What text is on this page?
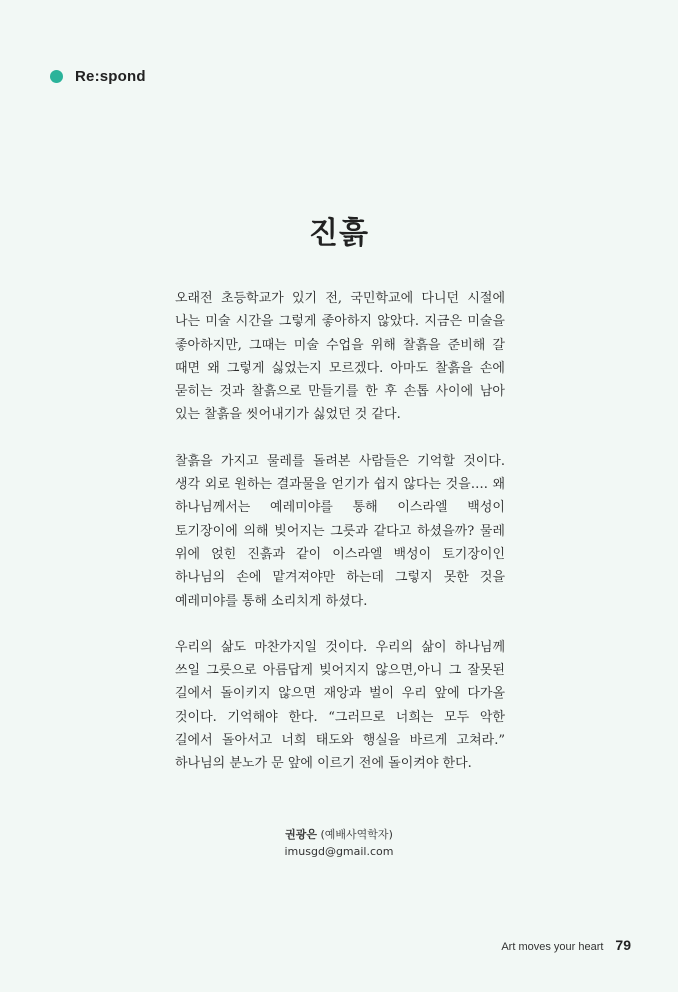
Re:spond
진흙

오래전 초등학교가 있기 전, 국민학교에 다니던 시절에 나는 미술 시간을 그렇게 좋아하지 않았다. 지금은 미술을 좋아하지만, 그때는 미술 수업을 위해 찰흙을 준비해 갈 때면 왜 그렇게 싫었는지 모르겠다. 아마도 찰흙을 손에 묻히는 것과 찰흙으로 만들기를 한 후 손톱 사이에 남아 있는 찰흙을 씻어내기가 싫었던 것 같다.

찰흙을 가지고 물레를 돌려본 사람들은 기억할 것이다. 생각 외로 원하는 결과물을 얻기가 쉽지 않다는 것을…. 왜 하나님께서는 예레미야를 통해 이스라엘 백성이 토기장이에 의해 빚어지는 그릇과 같다고 하셨을까? 물레 위에 얹힌 진흙과 같이 이스라엘 백성이 토기장이인 하나님의 손에 맡겨져야만 하는데 그렇지 못한 것을 예레미야를 통해 소리치게 하셨다.

우리의 삶도 마찬가지일 것이다. 우리의 삶이 하나님께 쓰일 그릇으로 아름답게 빚어지지 않으면,아니 그 잘못된 길에서 돌이키지 않으면 재앙과 벌이 우리 앞에 다가올 것이다. 기억해야 한다. “그러므로 너희는 모두 악한 길에서 돌아서고 너희 태도와 행실을 바르게 고쳐라.” 하나님의 분노가 문 앞에 이르기 전에 돌이켜야 한다.

권광은 (예배사역학자)
imusgd@gmail.com
Art moves your heart 79
